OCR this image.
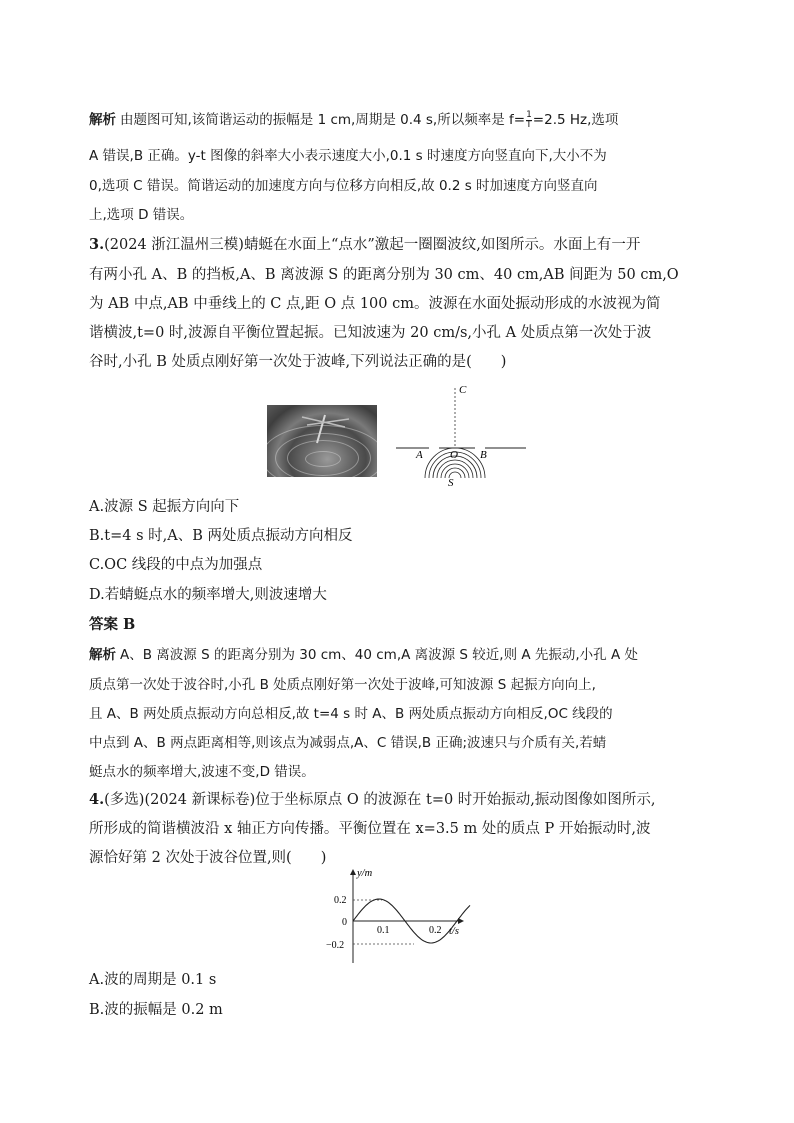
解析 由题图可知,该简谐运动的振幅是 1 cm,周期是 0.4 s,所以频率是 $f= \frac{1}{T} =2.5$ Hz,选项
A 错误,B 正确。y-t 图像的斜率大小表示速度大小,0.1 s 时速度方向竖直向下,大小不为
0,选项 C 错误。简谐运动的加速度方向与位移方向相反,故 0.2 s 时加速度方向竖直向
上,选项 D 错误。
3.(2024 浙江温州三模)蜻蜓在水面上“点水”激起一圈圈波纹,如图所示。水面上有一开
有两小孔 A、B 的挡板,A、B 离波源 S 的距离分别为 30 cm、40 cm,AB 间距为 50 cm,O
为 AB 中点,AB 中垂线上的 C 点,距 O 点 100 cm。波源在水面处振动形成的水波视为简
谐横波,t=0 时,波源自平衡位置起振。已知波速为 20 cm/s,小孔 A 处质点第一次处于波
谷时,小孔 B 处质点刚好第一次处于波峰,下列说法正确的是(　　)
C
A O B
S
A.波源 S 起振方向向下
B.t=4 s 时,A、B 两处质点振动方向相反
C.OC 线段的中点为加强点
D.若蜻蜓点水的频率增大,则波速增大
答案 B
解析 A、B 离波源 S 的距离分别为 30 cm、40 cm,A 离波源 S 较近,则 A 先振动,小孔 A 处
质点第一次处于波谷时,小孔 B 处质点刚好第一次处于波峰,可知波源 S 起振方向向上,
且 A、B 两处质点振动方向总相反,故 t=4 s 时 A、B 两处质点振动方向相反,OC 线段的
中点到 A、B 两点距离相等,则该点为减弱点,A、C 错误,B 正确;波速只与介质有关,若蜻
蜓点水的频率增大,波速不变,D 错误。
4.(多选)(2024 新课标卷)位于坐标原点 O 的波源在 t=0 时开始振动,振动图像如图所示,
所形成的简谐横波沿 x 轴正方向传播。平衡位置在 x=3.5 m 处的质点 P 开始振动时,波
源恰好第 2 次处于波谷位置,则(　　)
y/m
t/s
0
0.2
−0.2
0.1	0.2
A.波的周期是 0.1 s
B.波的振幅是 0.2 m
